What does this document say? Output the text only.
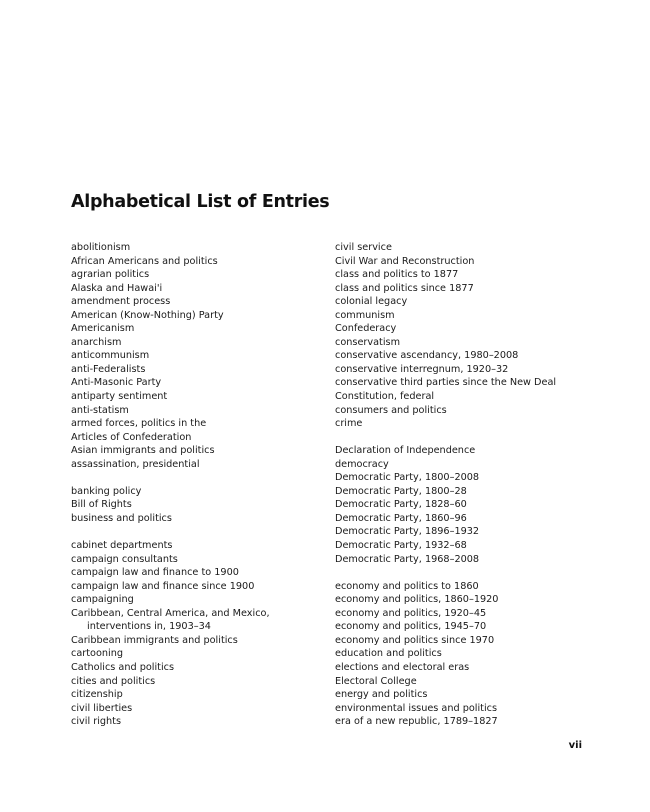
Alphabetical List of Entries
abolitionism
African Americans and politics
agrarian politics
Alaska and Hawai'i
amendment process
American (Know-Nothing) Party
Americanism
anarchism
anticommunism
anti-Federalists
Anti-Masonic Party
antiparty sentiment
anti-statism
armed forces, politics in the
Articles of Confederation
Asian immigrants and politics
assassination, presidential
banking policy
Bill of Rights
business and politics
cabinet departments
campaign consultants
campaign law and finance to 1900
campaign law and finance since 1900
campaigning
Caribbean, Central America, and Mexico,
interventions in, 1903–34
Caribbean immigrants and politics
cartooning
Catholics and politics
cities and politics
citizenship
civil liberties
civil rights
civil service
Civil War and Reconstruction
class and politics to 1877
class and politics since 1877
colonial legacy
communism
Confederacy
conservatism
conservative ascendancy, 1980–2008
conservative interregnum, 1920–32
conservative third parties since the New Deal
Constitution, federal
consumers and politics
crime
Declaration of Independence
democracy
Democratic Party, 1800–2008
Democratic Party, 1800–28
Democratic Party, 1828–60
Democratic Party, 1860–96
Democratic Party, 1896–1932
Democratic Party, 1932–68
Democratic Party, 1968–2008
economy and politics to 1860
economy and politics, 1860–1920
economy and politics, 1920–45
economy and politics, 1945–70
economy and politics since 1970
education and politics
elections and electoral eras
Electoral College
energy and politics
environmental issues and politics
era of a new republic, 1789–1827
vii
